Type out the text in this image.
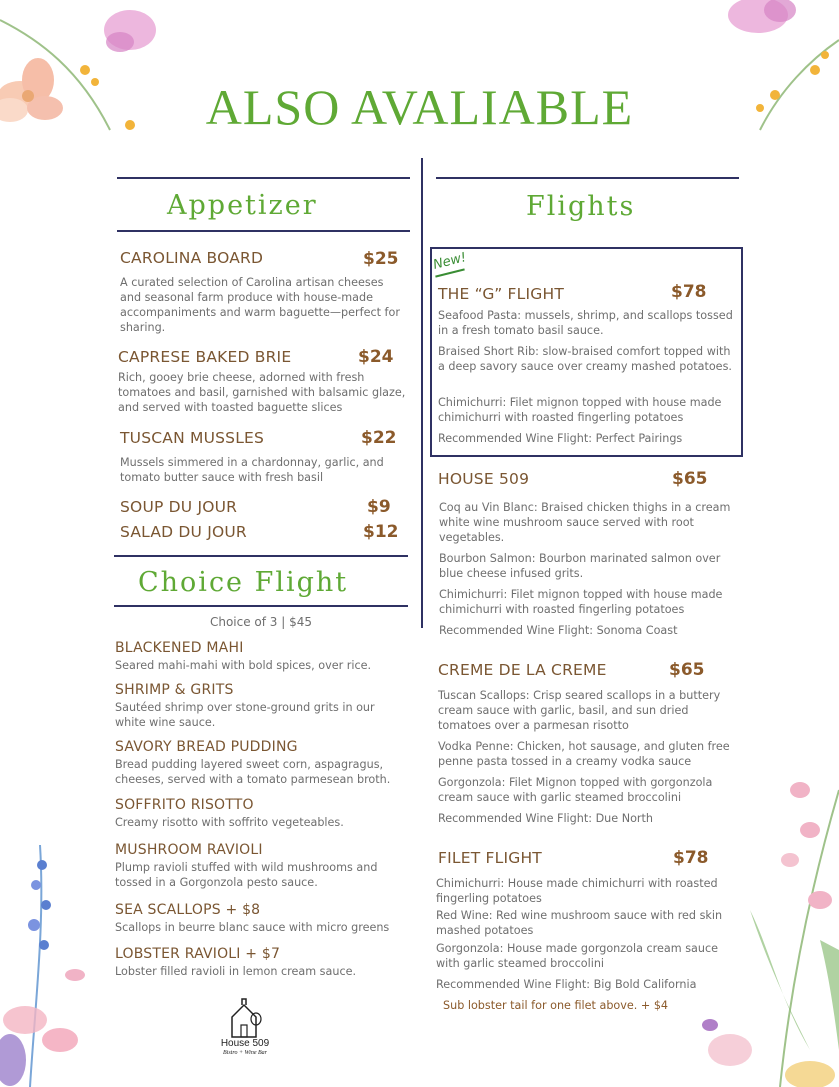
ALSO AVALIABLE
Appetizer
CAROLINA BOARD	$25
A curated selection of Carolina artisan cheeses and seasonal farm produce with house-made accompaniments and warm baguette—perfect for sharing.
CAPRESE BAKED BRIE	$24
Rich, gooey brie cheese, adorned with fresh tomatoes and basil, garnished with balsamic glaze, and served with toasted baguette slices
TUSCAN MUSSLES	$22
Mussels simmered in a chardonnay, garlic, and tomato butter sauce with fresh basil
SOUP DU JOUR	$9
SALAD DU JOUR	$12
Choice Flight
Choice of 3 | $45
BLACKENED MAHI
Seared mahi-mahi with bold spices, over rice.
SHRIMP & GRITS
Sautéed shrimp over stone-ground grits in our white wine sauce.
SAVORY BREAD PUDDING
Bread pudding layered sweet corn, aspagragus, cheeses, served with a tomato parmesean broth.
SOFFRITO RISOTTO
Creamy risotto with soffrito vegeteables.
MUSHROOM RAVIOLI
Plump ravioli stuffed with wild mushrooms and tossed in a Gorgonzola pesto sauce.
SEA SCALLOPS + $8
Scallops in beurre blanc sauce with micro greens
LOBSTER RAVIOLI + $7
Lobster filled ravioli in lemon cream sauce.
House 509
Bistro + Wine Bar
Flights
New!
THE “G” FLIGHT	$78
Seafood Pasta: mussels, shrimp, and scallops tossed in a fresh tomato basil sauce.
Braised Short Rib: slow-braised comfort topped with a deep savory sauce over creamy mashed potatoes.
Chimichurri: Filet mignon topped with house made chimichurri with roasted fingerling potatoes
Recommended Wine Flight: Perfect Pairings
HOUSE 509	$65
Coq au Vin Blanc: Braised chicken thighs in a cream white wine mushroom sauce served with root vegetables.
Bourbon Salmon: Bourbon marinated salmon over blue cheese infused grits.
Chimichurri: Filet mignon topped with house made chimichurri with roasted fingerling potatoes
Recommended Wine Flight: Sonoma Coast
CREME DE LA CREME	$65
Tuscan Scallops: Crisp seared scallops in a buttery cream sauce with garlic, basil, and sun dried tomatoes over a parmesan risotto
Vodka Penne: Chicken, hot sausage, and gluten free penne pasta tossed in a creamy vodka sauce
Gorgonzola: Filet Mignon topped with gorgonzola cream sauce with garlic steamed broccolini
Recommended Wine Flight: Due North
FILET FLIGHT	$78
Chimichurri: House made chimichurri with roasted fingerling potatoes
Red Wine: Red wine mushroom sauce with red skin mashed potatoes
Gorgonzola: House made gorgonzola cream sauce with garlic steamed broccolini
Recommended Wine Flight: Big Bold California
Sub lobster tail for one filet above. + $4
